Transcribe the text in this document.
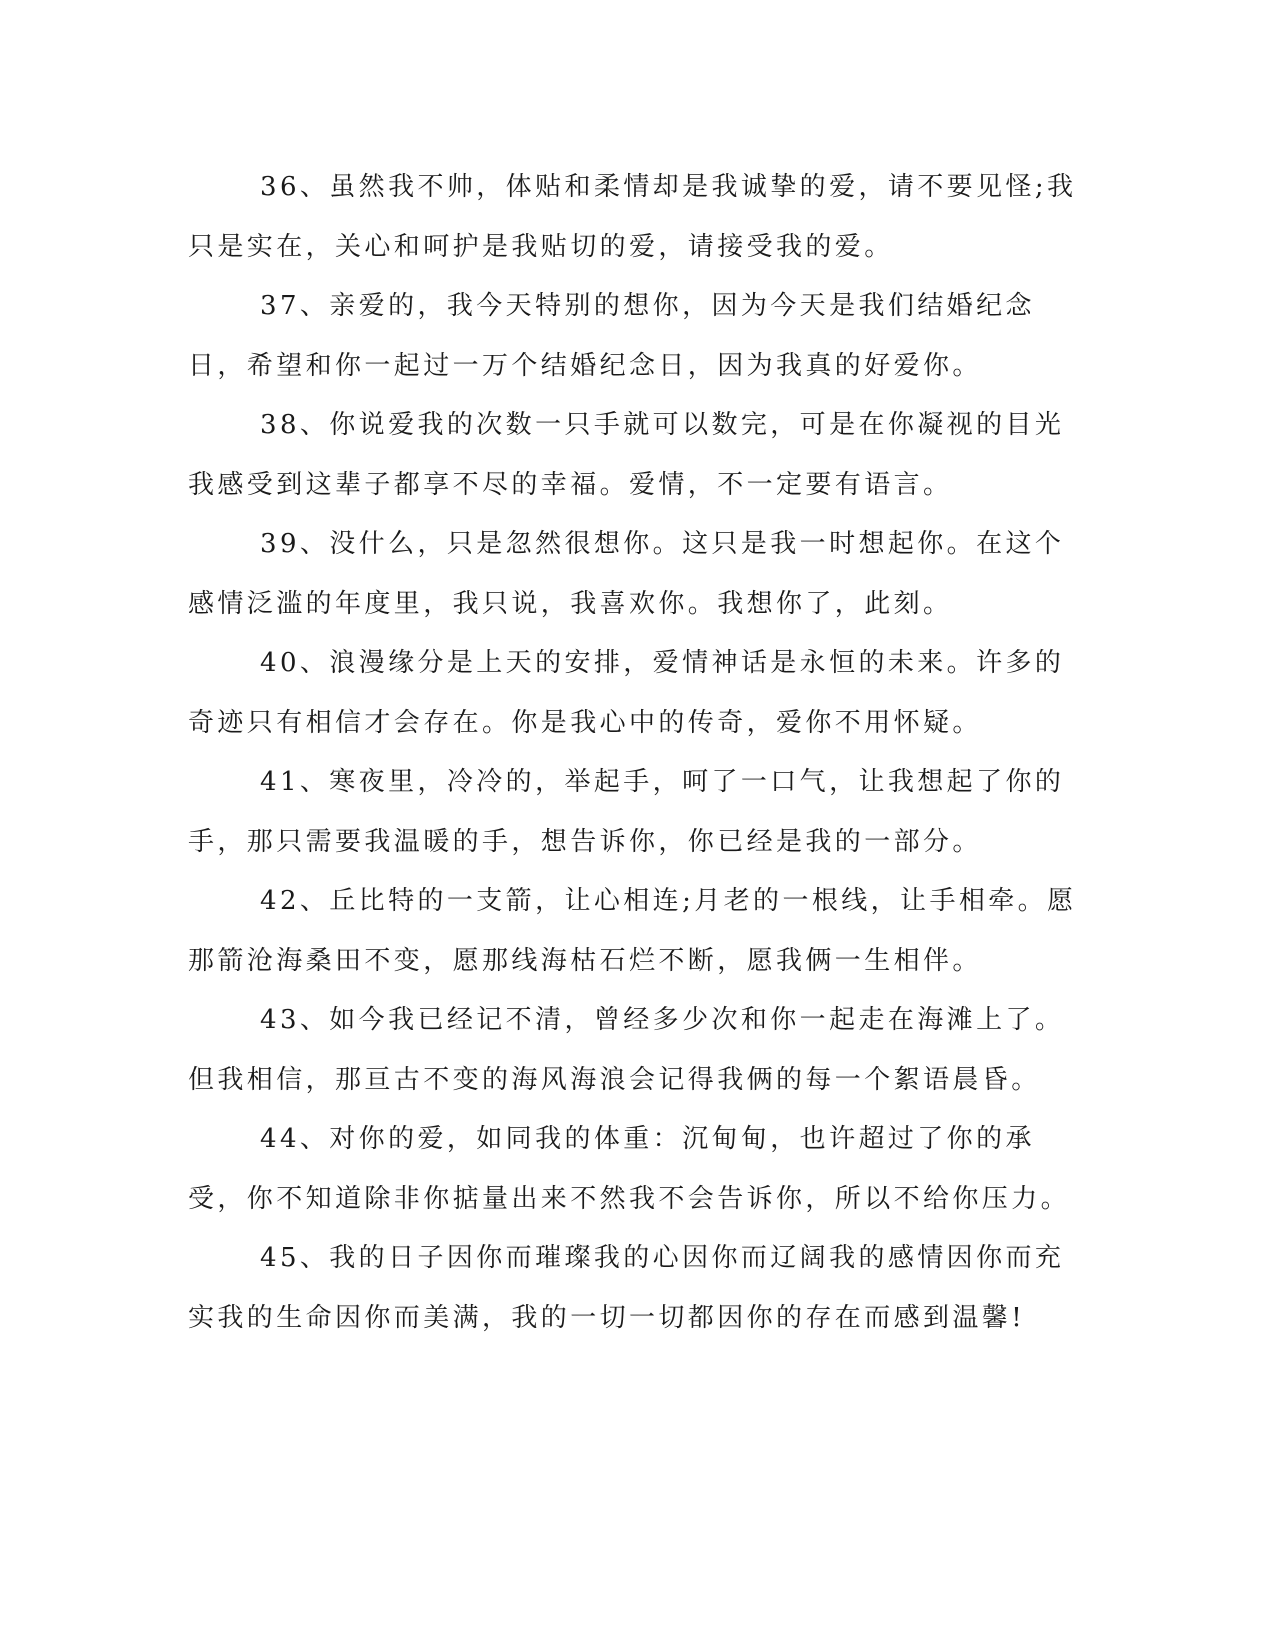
36、虽然我不帅，体贴和柔情却是我诚挚的爱，请不要见怪;我只是实在，关心和呵护是我贴切的爱，请接受我的爱。

37、亲爱的，我今天特别的想你，因为今天是我们结婚纪念日，希望和你一起过一万个结婚纪念日，因为我真的好爱你。

38、你说爱我的次数一只手就可以数完，可是在你凝视的目光我感受到这辈子都享不尽的幸福。爱情，不一定要有语言。

39、没什么，只是忽然很想你。这只是我一时想起你。在这个感情泛滥的年度里，我只说，我喜欢你。我想你了，此刻。

40、浪漫缘分是上天的安排，爱情神话是永恒的未来。许多的奇迹只有相信才会存在。你是我心中的传奇，爱你不用怀疑。

41、寒夜里，冷冷的，举起手，呵了一口气，让我想起了你的手，那只需要我温暖的手，想告诉你，你已经是我的一部分。

42、丘比特的一支箭，让心相连;月老的一根线，让手相牵。愿那箭沧海桑田不变，愿那线海枯石烂不断，愿我俩一生相伴。

43、如今我已经记不清，曾经多少次和你一起走在海滩上了。但我相信，那亘古不变的海风海浪会记得我俩的每一个絮语晨昏。

44、对你的爱，如同我的体重：沉甸甸，也许超过了你的承受，你不知道除非你掂量出来不然我不会告诉你，所以不给你压力。

45、我的日子因你而璀璨我的心因你而辽阔我的感情因你而充实我的生命因你而美满，我的一切一切都因你的存在而感到温馨!
